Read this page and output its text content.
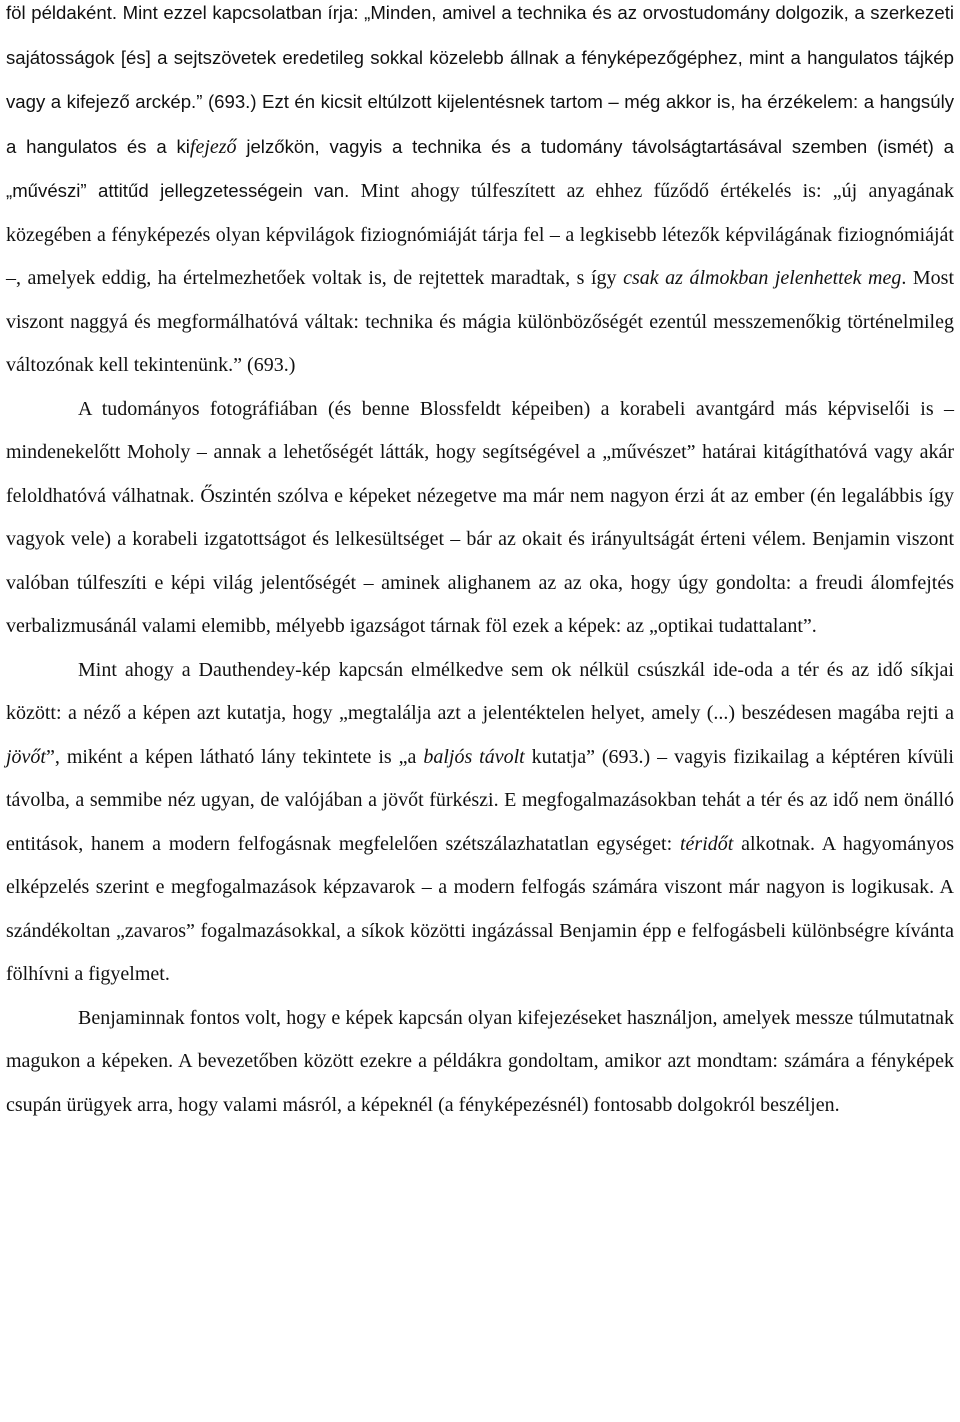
föl példaként. Mint ezzel kapcsolatban írja: „Minden, amivel a technika és az orvostudomány dolgozik, a szerkezeti sajátosságok [és] a sejtszövetek eredetileg sokkal közelebb állnak a fényképezőgéphez, mint a hangulatos tájkép vagy a kifejező arckép.” (693.) Ezt én kicsit eltúlzott kijelentésnek tartom – még akkor is, ha érzékelem: a hangsúly a hangulatos és a kifejező jelzőkön, vagyis a technika és a tudomány távolságtartásával szemben (ismét) a „művészi” attitűd jellegzetességein van. Mint ahogy túlfeszített az ehhez fűződő értékelés is: „új anyagának közegében a fényképezés olyan képvilágok fiziognómiáját tárja fel – a legkisebb létezők képvilágának fiziognómiáját –, amelyek eddig, ha értelmezhetőek voltak is, de rejtettek maradtak, s így csak az álmokban jelenhettek meg. Most viszont naggyá és megformálhatóvá váltak: technika és mágia különbözőségét ezentúl messzemenőkig történelmileg változónak kell tekintenünk.” (693.)

A tudományos fotográfiában (és benne Blossfeldt képeiben) a korabeli avantgárd más képviselői is – mindenekelőtt Moholy – annak a lehetőségét látták, hogy segítségével a „művészet” határai kitágíthatóvá vagy akár feloldhatóvá válhatnak. Őszintén szólva e képeket nézegetve ma már nem nagyon érzi át az ember (én legalábbis így vagyok vele) a korabeli izgatottságot és lelkesültséget – bár az okait és irányultságát érteni vélem. Benjamin viszont valóban túlfeszíti e képi világ jelentőségét – aminek alighanem az az oka, hogy úgy gondolta: a freudi álomfejtés verbalizmusánál valami elemibb, mélyebb igazságot tárnak föl ezek a képek: az „optikai tudattalant”.

Mint ahogy a Dauthendey-kép kapcsán elmélkedve sem ok nélkül csúszkál ide-oda a tér és az idő síkjai között: a néző a képen azt kutatja, hogy „megtalálja azt a jelentéktelen helyet, amely (...) beszédesen magába rejti a jövőt”, miként a képen látható lány tekintete is „a baljós távolt kutatja” (693.) – vagyis fizikailag a képtéren kívüli távolba, a semmibe néz ugyan, de valójában a jövőt fürkészi. E megfogalmazásokban tehát a tér és az idő nem önálló entitások, hanem a modern felfogásnak megfelelően szétszálazhatatlan egységet: téridőt alkotnak. A hagyományos elképzelés szerint e megfogalmazások képzavarok – a modern felfogás számára viszont már nagyon is logikusak. A szándékoltan „zavaros” fogalmazásokkal, a síkok közötti ingázással Benjamin épp e felfogásbeli különbségre kívánta fölhívni a figyelmet.

Benjaminnak fontos volt, hogy e képek kapcsán olyan kifejezéseket használjon, amelyek messze túlmutatnak magukon a képeken. A bevezetőben között ezekre a példákra gondoltam, amikor azt mondtam: számára a fényképek csupán ürügyek arra, hogy valami másról, a képeknél (a fényképezésnél) fontosabb dolgokról beszéljen.
